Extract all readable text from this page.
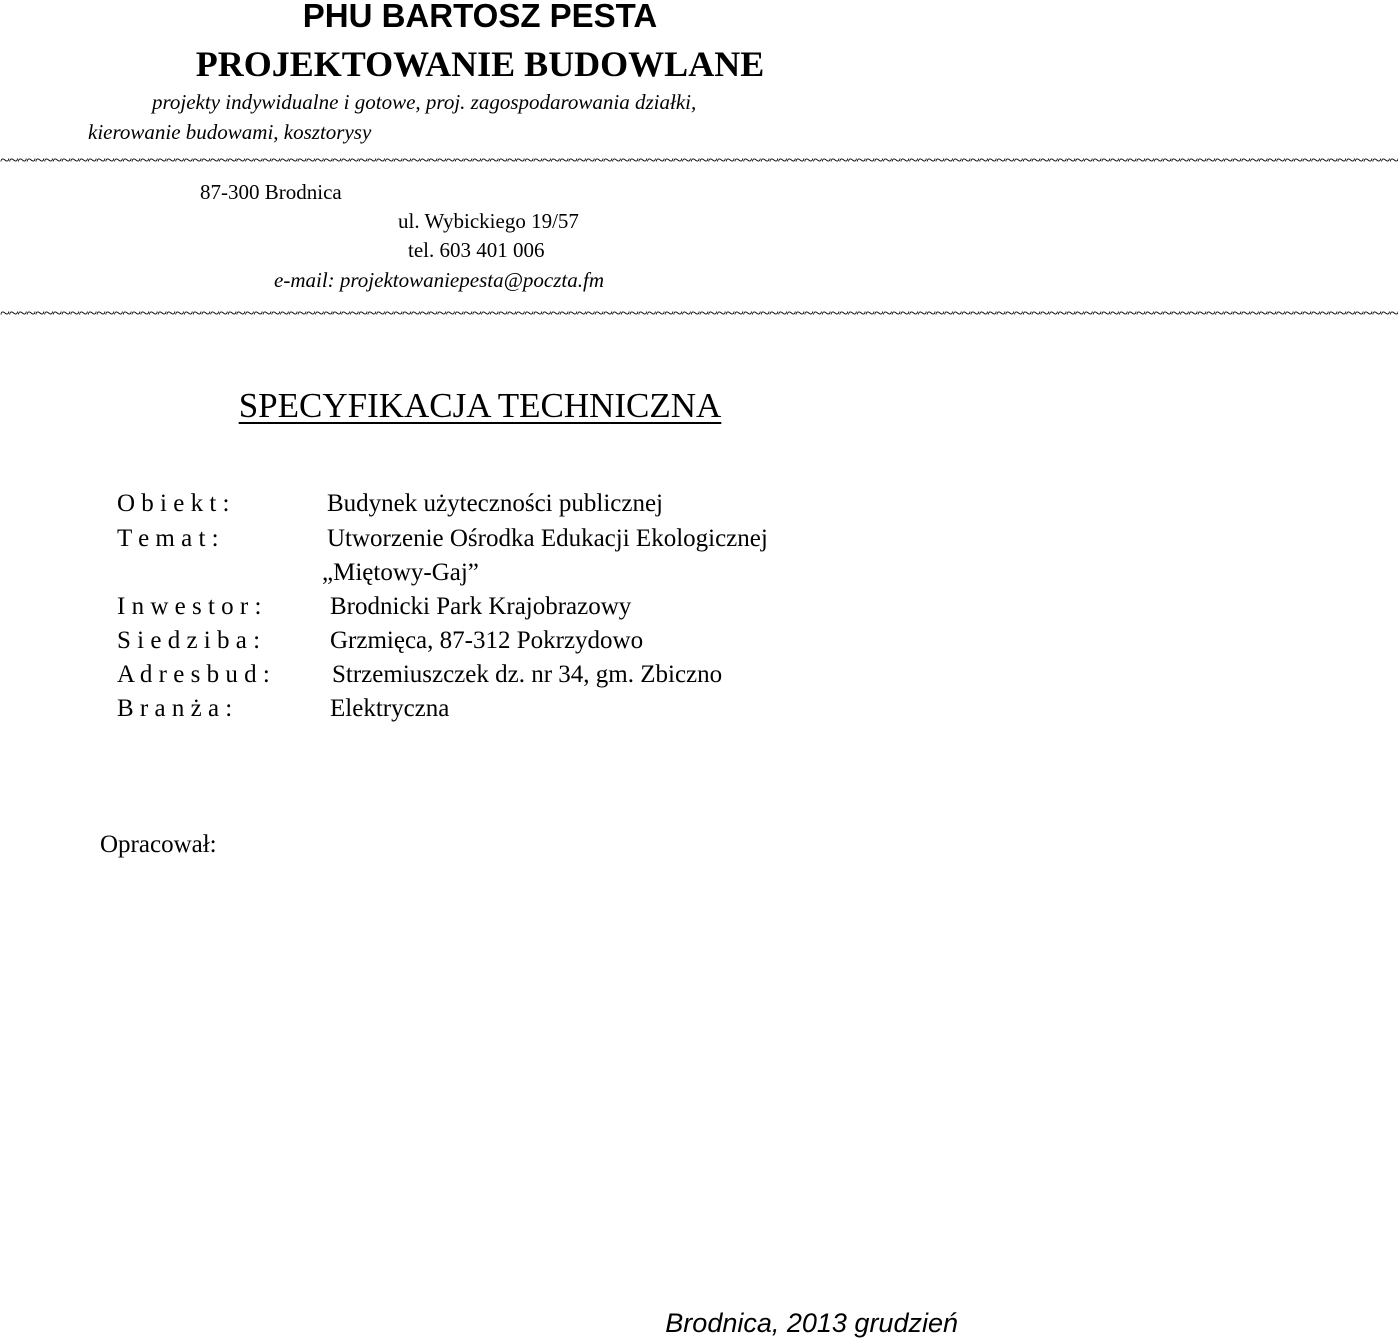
PHU BARTOSZ PESTA
PROJEKTOWANIE BUDOWLANE
projekty indywidualne i gotowe, proj. zagospodarowania działki,
kierowanie budowami, kosztorysy
~~~~~~~~~~~~~~~~~~~~~~~~~~~~~~~~~~~~~~~~~~~~~~~~~~~~~~~~~~~~~~~~~~~~~~~~~~~~~~~~~~~~~~~~~~~~~~~~~~~~~~~~~~~~~~~~~~~~~~~~~~~~~~~~~~~~~~~~~~~~~~~~~~~~~~~~~~~~~~~~
87-300 Brodnica
ul. Wybickiego 19/57
tel. 603 401 006
e-mail: projektowaniepesta@poczta.fm
~~~~~~~~~~~~~~~~~~~~~~~~~~~~~~~~~~~~~~~~~~~~~~~~~~~~~~~~~~~~~~~~~~~~~~~~~~~~~~~~~~~~~~~~~~~~~~~~~~~~~~~~~~~~~~~~~~~~~~~~~~~~~~~~~~~~~~~~~~~~~~~~~~~~~~~~~~~~~~~~
SPECYFIKACJA TECHNICZNA
O b i e k t :	Budynek użyteczności publicznej
T e m a t :	Utworzenie Ośrodka Edukacji Ekologicznej
„Miętowy-Gaj”
I n w e s t o r :	Brodnicki Park Krajobrazowy
S i e d z i b a :	Grzmięca, 87-312 Pokrzydowo
A d r e s b u d : Strzemiuszczek dz. nr 34, gm. Zbiczno
B r a n ż a :	Elektryczna
Opracował:
Brodnica, 2013 grudzień
